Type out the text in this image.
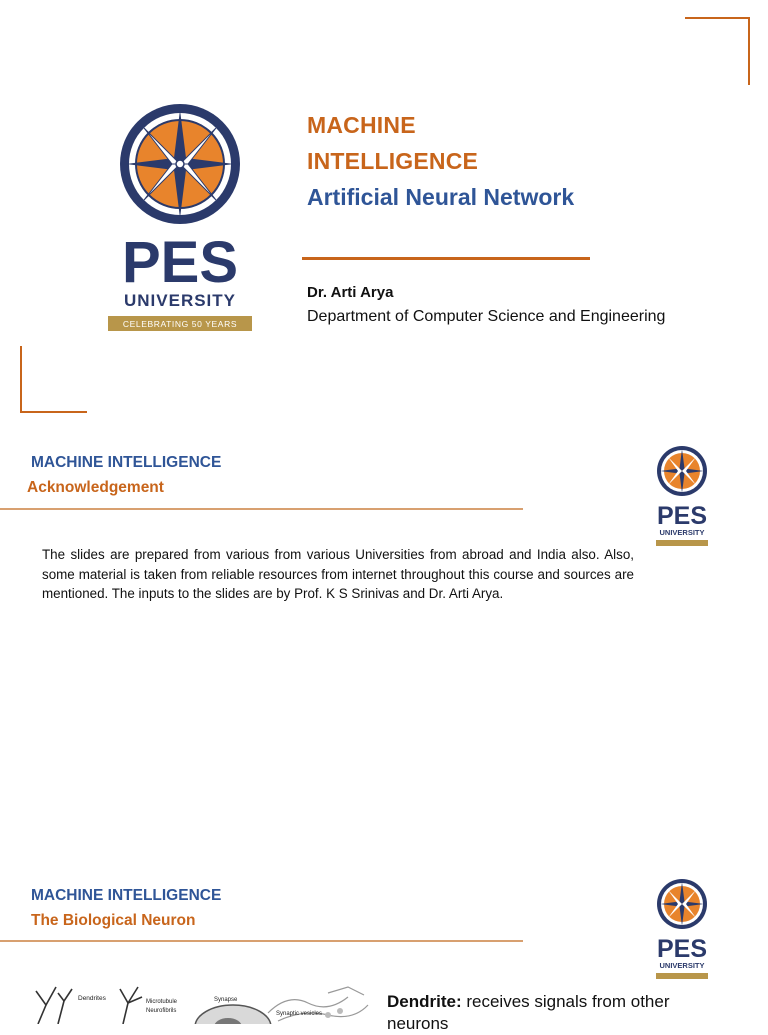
PES
UNIVERSITY
CELEBRATING 50 YEARS
MACHINE
INTELLIGENCE
Artificial Neural Network
Dr. Arti Arya
Department of Computer Science and Engineering
MACHINE INTELLIGENCE
Acknowledgement
PES
UNIVERSITY

The slides are prepared from various from various Universities from abroad and India also. Also, some material is taken from reliable resources from internet throughout this course and sources are mentioned. The inputs to the slides are by Prof. K S Srinivas and Dr. Arti Arya.

MACHINE INTELLIGENCE
The Biological Neuron
PES
UNIVERSITY
Dendrites	Microtubule
Neurofibrils
Synapse
Synaptic vesicles

Dendrite: receives signals from other neurons
